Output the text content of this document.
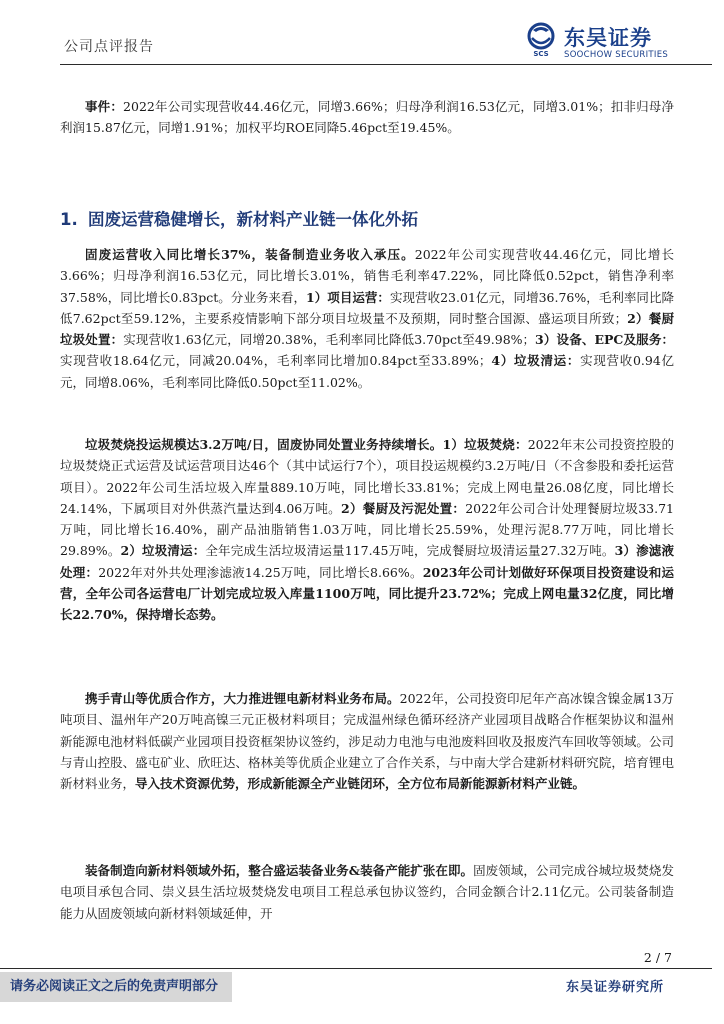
公司点评报告	SCS
东吴证券
SOOCHOW SECURITIES

事件：2022年公司实现营收44.46亿元，同增3.66%；归母净利润16.53亿元，同增3.01%；扣非归母净利润15.87亿元，同增1.91%；加权平均ROE同降5.46pct至19.45%。

1. 固废运营稳健增长，新材料产业链一体化外拓

固废运营收入同比增长37%，装备制造业务收入承压。2022年公司实现营收44.46亿元，同比增长3.66%；归母净利润16.53亿元，同比增长3.01%，销售毛利率47.22%，同比降低0.52pct，销售净利率37.58%，同比增长0.83pct。分业务来看，1）项目运营：实现营收23.01亿元，同增36.76%，毛利率同比降低7.62pct至59.12%，主要系疫情影响下部分项目垃圾量不及预期，同时整合国源、盛运项目所致；2）餐厨垃圾处置：实现营收1.63亿元，同增20.38%，毛利率同比降低3.70pct至49.98%；3）设备、EPC及服务：实现营收18.64亿元，同减20.04%，毛利率同比增加0.84pct至33.89%；4）垃圾清运：实现营收0.94亿元，同增8.06%，毛利率同比降低0.50pct至11.02%。

垃圾焚烧投运规模达3.2万吨/日，固废协同处置业务持续增长。1）垃圾焚烧：2022年末公司投资控股的垃圾焚烧正式运营及试运营项目达46个（其中试运行7个），项目投运规模约3.2万吨/日（不含参股和委托运营项目）。2022年公司生活垃圾入库量889.10万吨，同比增长33.81%；完成上网电量26.08亿度，同比增长24.14%，下属项目对外供蒸汽量达到4.06万吨。2）餐厨及污泥处置：2022年公司合计处理餐厨垃圾33.71万吨，同比增长16.40%，副产品油脂销售1.03万吨，同比增长25.59%，处理污泥8.77万吨，同比增长29.89%。2）垃圾清运：全年完成生活垃圾清运量117.45万吨，完成餐厨垃圾清运量27.32万吨。3）渗滤液处理：2022年对外共处理渗滤液14.25万吨，同比增长8.66%。2023年公司计划做好环保项目投资建设和运营，全年公司各运营电厂计划完成垃圾入库量1100万吨，同比提升23.72%；完成上网电量32亿度，同比增长22.70%，保持增长态势。

携手青山等优质合作方，大力推进锂电新材料业务布局。2022年，公司投资印尼年产高冰镍含镍金属13万吨项目、温州年产20万吨高镍三元正极材料项目；完成温州绿色循环经济产业园项目战略合作框架协议和温州新能源电池材料低碳产业园项目投资框架协议签约，涉足动力电池与电池废料回收及报废汽车回收等领域。公司与青山控股、盛屯矿业、欣旺达、格林美等优质企业建立了合作关系，与中南大学合建新材料研究院，培育锂电新材料业务，导入技术资源优势，形成新能源全产业链闭环，全方位布局新能源新材料产业链。

装备制造向新材料领域外拓，整合盛运装备业务&装备产能扩张在即。固废领域，公司完成谷城垃圾焚烧发电项目承包合同、崇义县生活垃圾焚烧发电项目工程总承包协议签约，合同金额合计2.11亿元。公司装备制造能力从固废领域向新材料领域延伸，开

2 / 7
请务必阅读正文之后的免责声明部分	东吴证券研究所
